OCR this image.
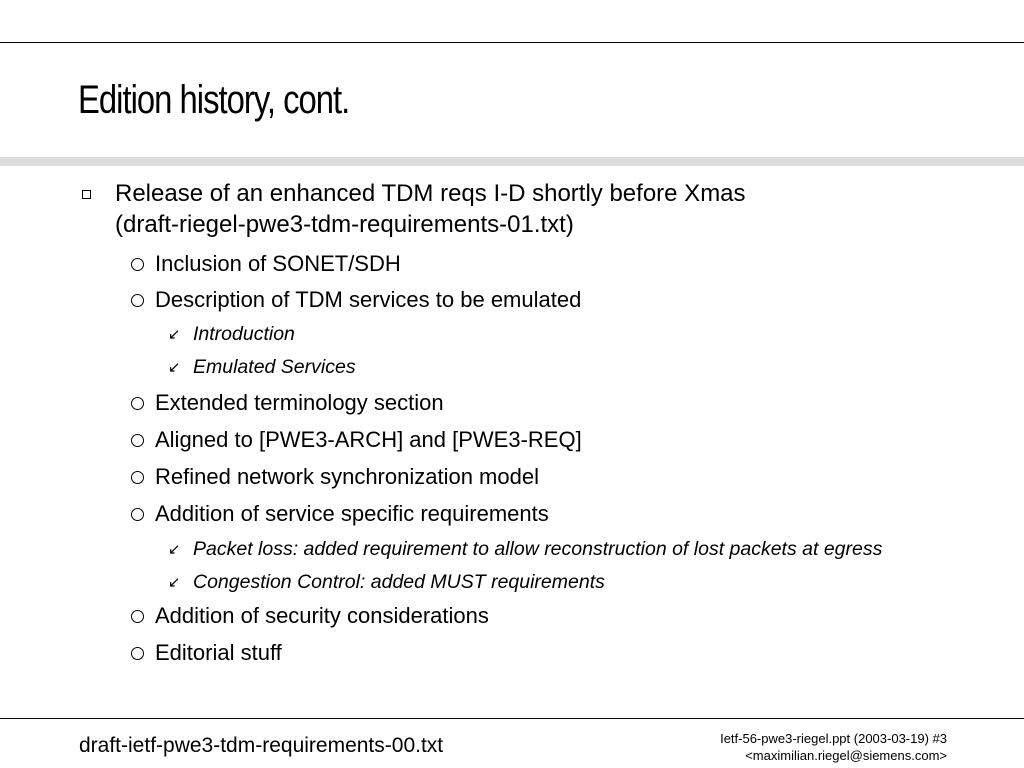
Edition history, cont.
Release of an enhanced TDM reqs I-D shortly before Xmas
(draft-riegel-pwe3-tdm-requirements-01.txt)
Inclusion of SONET/SDH
Description of TDM services to be emulated
↙ Introduction
↙ Emulated Services
Extended terminology section
Aligned to [PWE3-ARCH] and [PWE3-REQ]
Refined network synchronization model
Addition of service specific requirements
↙ Packet loss: added requirement to allow reconstruction of lost packets at egress
↙ Congestion Control: added MUST requirements
Addition of security considerations
Editorial stuff
draft-ietf-pwe3-tdm-requirements-00.txt	Ietf-56-pwe3-riegel.ppt (2003-03-19) #3
<maximilian.riegel@siemens.com>
